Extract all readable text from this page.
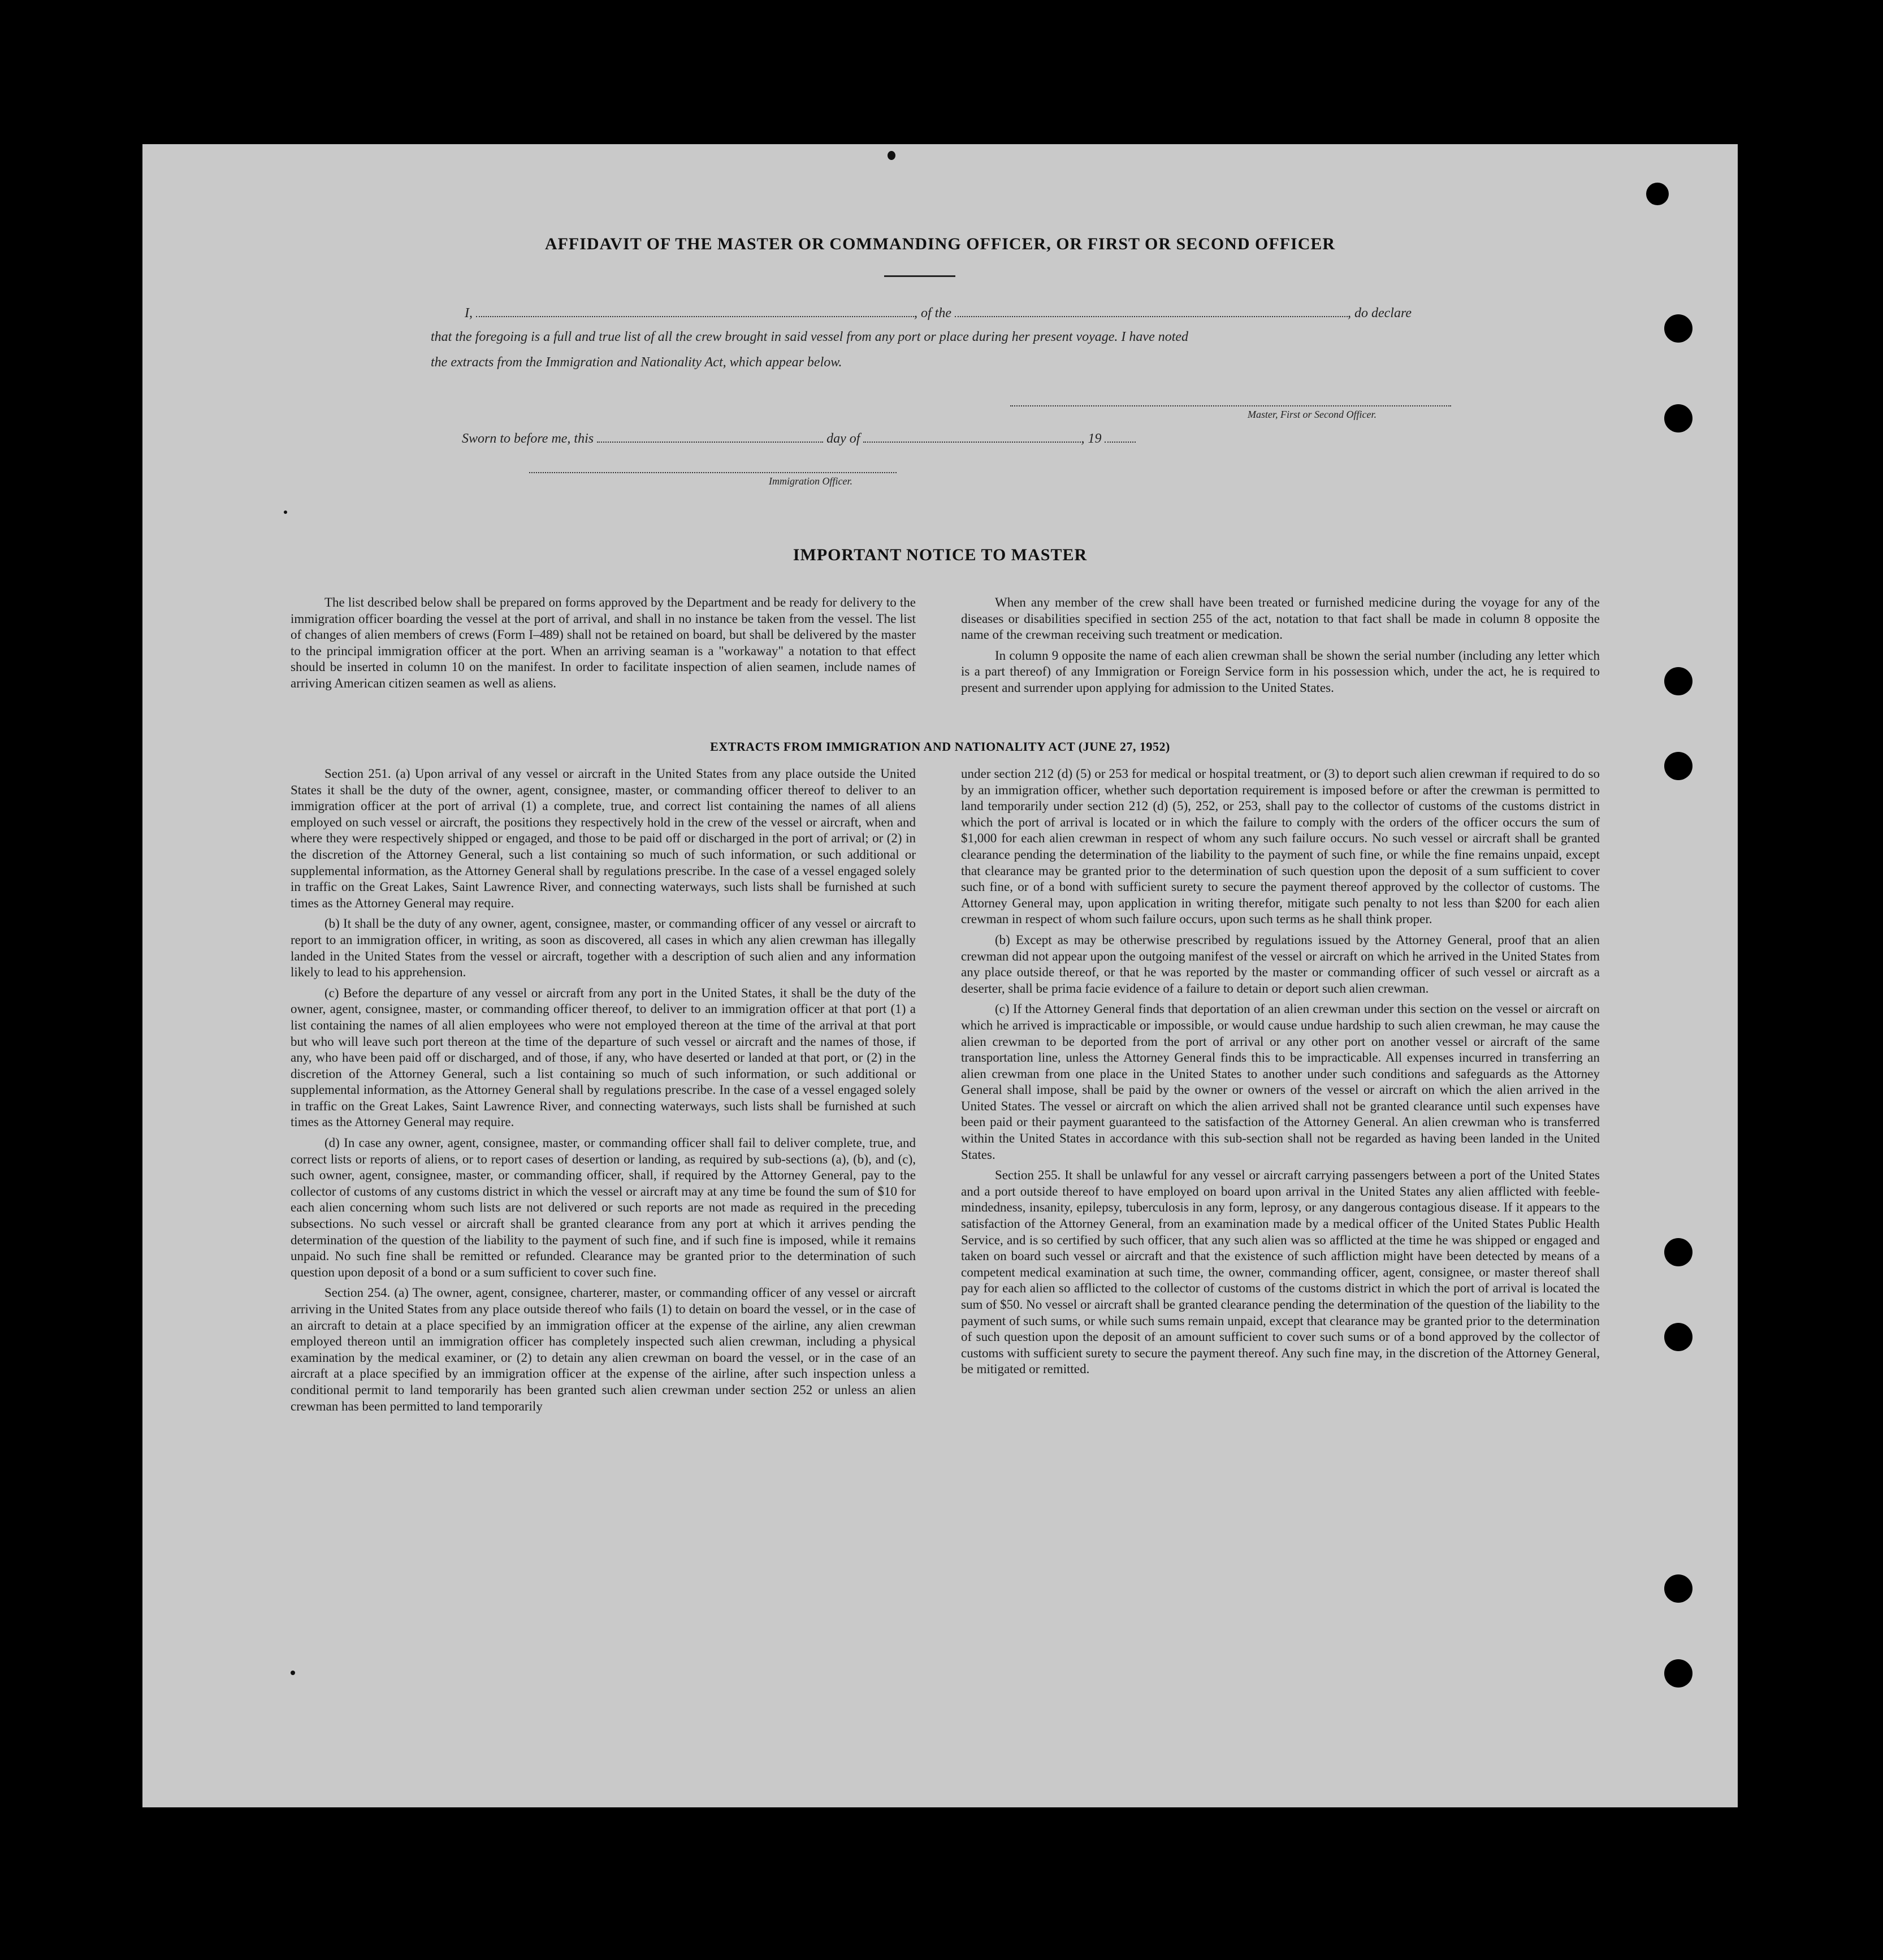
AFFIDAVIT OF THE MASTER OR COMMANDING OFFICER, OR FIRST OR SECOND OFFICER
I,	, of the	, do declare
that the foregoing is a full and true list of all the crew brought in said vessel from any port or place during her present voyage. I have noted
the extracts from the Immigration and Nationality Act, which appear below.
Master, First or Second Officer.
Sworn to before me, this	day of	, 19
Immigration Officer.
IMPORTANT NOTICE TO MASTER

The list described below shall be prepared on forms approved by the Department and be ready for delivery to the immigration officer boarding the vessel at the port of arrival, and shall in no instance be taken from the vessel. The list of changes of alien members of crews (Form I–489) shall not be retained on board, but shall be delivered by the master to the principal immigration officer at the port. When an arriving seaman is a "workaway" a notation to that effect should be inserted in column 10 on the manifest. In order to facilitate inspection of alien seamen, include names of arriving American citizen seamen as well as aliens.

When any member of the crew shall have been treated or furnished medicine during the voyage for any of the diseases or disabilities specified in section 255 of the act, notation to that fact shall be made in column 8 opposite the name of the crewman receiving such treatment or medication.

In column 9 opposite the name of each alien crewman shall be shown the serial number (including any letter which is a part thereof) of any Immigration or Foreign Service form in his possession which, under the act, he is required to present and surrender upon applying for admission to the United States.

EXTRACTS FROM IMMIGRATION AND NATIONALITY ACT (JUNE 27, 1952)

Section 251. (a) Upon arrival of any vessel or aircraft in the United States from any place outside the United States it shall be the duty of the owner, agent, consignee, master, or commanding officer thereof to deliver to an immigration officer at the port of arrival (1) a complete, true, and correct list containing the names of all aliens employed on such vessel or aircraft, the positions they respectively hold in the crew of the vessel or aircraft, when and where they were respectively shipped or engaged, and those to be paid off or discharged in the port of arrival; or (2) in the discretion of the Attorney General, such a list containing so much of such information, or such additional or supplemental information, as the Attorney General shall by regulations prescribe. In the case of a vessel engaged solely in traffic on the Great Lakes, Saint Lawrence River, and connecting waterways, such lists shall be furnished at such times as the Attorney General may require.

(b) It shall be the duty of any owner, agent, consignee, master, or commanding officer of any vessel or aircraft to report to an immigration officer, in writing, as soon as discovered, all cases in which any alien crewman has illegally landed in the United States from the vessel or aircraft, together with a description of such alien and any information likely to lead to his apprehension.

(c) Before the departure of any vessel or aircraft from any port in the United States, it shall be the duty of the owner, agent, consignee, master, or commanding officer thereof, to deliver to an immigration officer at that port (1) a list containing the names of all alien employees who were not employed thereon at the time of the arrival at that port but who will leave such port thereon at the time of the departure of such vessel or aircraft and the names of those, if any, who have been paid off or discharged, and of those, if any, who have deserted or landed at that port, or (2) in the discretion of the Attorney General, such a list containing so much of such information, or such additional or supplemental information, as the Attorney General shall by regulations prescribe. In the case of a vessel engaged solely in traffic on the Great Lakes, Saint Lawrence River, and connecting waterways, such lists shall be furnished at such times as the Attorney General may require.

(d) In case any owner, agent, consignee, master, or commanding officer shall fail to deliver complete, true, and correct lists or reports of aliens, or to report cases of desertion or landing, as required by sub-sections (a), (b), and (c), such owner, agent, consignee, master, or commanding officer, shall, if required by the Attorney General, pay to the collector of customs of any customs district in which the vessel or aircraft may at any time be found the sum of $10 for each alien concerning whom such lists are not delivered or such reports are not made as required in the preceding subsections. No such vessel or aircraft shall be granted clearance from any port at which it arrives pending the determination of the question of the liability to the payment of such fine, and if such fine is imposed, while it remains unpaid. No such fine shall be remitted or refunded. Clearance may be granted prior to the determination of such question upon deposit of a bond or a sum sufficient to cover such fine.

Section 254. (a) The owner, agent, consignee, charterer, master, or commanding officer of any vessel or aircraft arriving in the United States from any place outside thereof who fails (1) to detain on board the vessel, or in the case of an aircraft to detain at a place specified by an immigration officer at the expense of the airline, any alien crewman employed thereon until an immigration officer has completely inspected such alien crewman, including a physical examination by the medical examiner, or (2) to detain any alien crewman on board the vessel, or in the case of an aircraft at a place specified by an immigration officer at the expense of the airline, after such inspection unless a conditional permit to land temporarily has been granted such alien crewman under section 252 or unless an alien crewman has been permitted to land temporarily

under section 212 (d) (5) or 253 for medical or hospital treatment, or (3) to deport such alien crewman if required to do so by an immigration officer, whether such deportation requirement is imposed before or after the crewman is permitted to land temporarily under section 212 (d) (5), 252, or 253, shall pay to the collector of customs of the customs district in which the port of arrival is located or in which the failure to comply with the orders of the officer occurs the sum of $1,000 for each alien crewman in respect of whom any such failure occurs. No such vessel or aircraft shall be granted clearance pending the determination of the liability to the payment of such fine, or while the fine remains unpaid, except that clearance may be granted prior to the determination of such question upon the deposit of a sum sufficient to cover such fine, or of a bond with sufficient surety to secure the payment thereof approved by the collector of customs. The Attorney General may, upon application in writing therefor, mitigate such penalty to not less than $200 for each alien crewman in respect of whom such failure occurs, upon such terms as he shall think proper.

(b) Except as may be otherwise prescribed by regulations issued by the Attorney General, proof that an alien crewman did not appear upon the outgoing manifest of the vessel or aircraft on which he arrived in the United States from any place outside thereof, or that he was reported by the master or commanding officer of such vessel or aircraft as a deserter, shall be prima facie evidence of a failure to detain or deport such alien crewman.

(c) If the Attorney General finds that deportation of an alien crewman under this section on the vessel or aircraft on which he arrived is impracticable or impossible, or would cause undue hardship to such alien crewman, he may cause the alien crewman to be deported from the port of arrival or any other port on another vessel or aircraft of the same transportation line, unless the Attorney General finds this to be impracticable. All expenses incurred in transferring an alien crewman from one place in the United States to another under such conditions and safeguards as the Attorney General shall impose, shall be paid by the owner or owners of the vessel or aircraft on which the alien arrived in the United States. The vessel or aircraft on which the alien arrived shall not be granted clearance until such expenses have been paid or their payment guaranteed to the satisfaction of the Attorney General. An alien crewman who is transferred within the United States in accordance with this sub-section shall not be regarded as having been landed in the United States.

Section 255. It shall be unlawful for any vessel or aircraft carrying passengers between a port of the United States and a port outside thereof to have employed on board upon arrival in the United States any alien afflicted with feeble-mindedness, insanity, epilepsy, tuberculosis in any form, leprosy, or any dangerous contagious disease. If it appears to the satisfaction of the Attorney General, from an examination made by a medical officer of the United States Public Health Service, and is so certified by such officer, that any such alien was so afflicted at the time he was shipped or engaged and taken on board such vessel or aircraft and that the existence of such affliction might have been detected by means of a competent medical examination at such time, the owner, commanding officer, agent, consignee, or master thereof shall pay for each alien so afflicted to the collector of customs of the customs district in which the port of arrival is located the sum of $50. No vessel or aircraft shall be granted clearance pending the determination of the question of the liability to the payment of such sums, or while such sums remain unpaid, except that clearance may be granted prior to the determination of such question upon the deposit of an amount sufficient to cover such sums or of a bond approved by the collector of customs with sufficient surety to secure the payment thereof. Any such fine may, in the discretion of the Attorney General, be mitigated or remitted.
